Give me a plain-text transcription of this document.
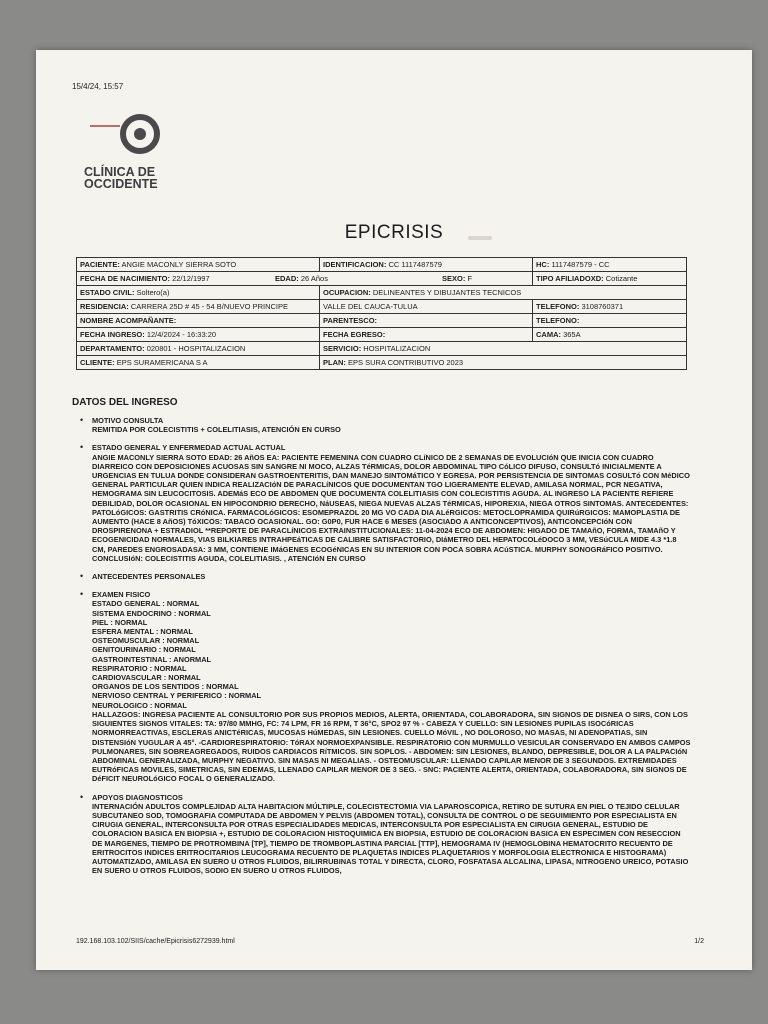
15/4/24, 15:57
CLÍNICA DE
OCCIDENTE
EPICRISIS
PACIENTE: ANGIE MACONLY SIERRA SOTO	IDENTIFICACION: CC 1117487579	HC: 1117487579 - CC
FECHA DE NACIMIENTO: 22/12/1997 EDAD: 26 Años SEXO: F		TIPO AFILIADOXD: Cotizante
ESTADO CIVIL: Soltero(a)	OCUPACION: DELINEANTES Y DIBUJANTES TECNICOS	
RESIDENCIA: CARRERA 25D # 45 - 54 B/NUEVO PRINCIPE	VALLE DEL CAUCA-TULUA	TELEFONO: 3108760371
NOMBRE ACOMPAÑANTE:	PARENTESCO:	TELEFONO:
FECHA INGRESO: 12/4/2024 - 16:33:20	FECHA EGRESO:	CAMA: 365A
DEPARTAMENTO: 020801 - HOSPITALIZACION	SERVICIO: HOSPITALIZACION	
CLIENTE: EPS SURAMERICANA S A	PLAN: EPS SURA CONTRIBUTIVO 2023	
DATOS DEL INGRESO
• MOTIVO CONSULTA
REMITIDA POR COLECISTITIS + COLELITIASIS, ATENCIÓN EN CURSO
• ESTADO GENERAL Y ENFERMEDAD ACTUAL ACTUAL
ANGIE MACONLY SIERRA SOTO EDAD: 26 AñOS EA: PACIENTE FEMENINA CON CUADRO CLíNICO DE 2 SEMANAS DE EVOLUCIóN QUE INICIA CON CUADRO DIARREICO CON DEPOSICIONES ACUOSAS SIN SANGRE NI MOCO, ALZAS TéRMICAS, DOLOR ABDOMINAL TIPO CóLICO DIFUSO, CONSULTó INICIALMENTE A URGENCIAS EN TULUA DONDE CONSIDERAN GASTROENTERITIS, DAN MANEJO SINTOMáTICO Y EGRESA. POR PERSISTENCIA DE SINTOMAS COSULTó CON MéDICO GENERAL PARTICULAR QUIEN INDICA REALIZACIóN DE PARACLíNICOS QUE DOCUMENTAN TGO LIGERAMENTE ELEVAD, AMILASA NORMAL, PCR NEGATIVA, HEMOGRAMA SIN LEUCOCITOSIS. ADEMáS ECO DE ABDOMEN QUE DOCUMENTA COLELITIASIS CON COLECISTITIS AGUDA. AL INGRESO LA PACIENTE REFIERE DEBILIDAD, DOLOR OCASIONAL EN HIPOCONDRIO DERECHO, NáUSEAS, NIEGA NUEVAS ALZAS TéRMICAS, HIPOREXIA, NIEGA OTROS SINTOMAS. ANTECEDENTES: PATOLóGICOS: GASTRITIS CRóNICA. FARMACOLóGICOS: ESOMEPRAZOL 20 MG VO CADA DIA ALéRGICOS: METOCLOPRAMIDA QUIRúRGICOS: MAMOPLASTIA DE AUMENTO (HACE 8 AñOS) TóXICOS: TABACO OCASIONAL. GO: G0P0, FUR HACE 6 MESES (ASOCIADO A ANTICONCEPTIVOS), ANTICONCEPCIóN CON DROSPIRENONA + ESTRADIOL **REPORTE DE PARACLíNICOS EXTRAINSTITUCIONALES: 11-04-2024 ECO DE ABDOMEN: HIGADO DE TAMAñO, FORMA, TAMAñO Y ECOGENICIDAD NORMALES, VIAS BILKIARES INTRAHPEáTICAS DE CALIBRE SATISFACTORIO, DIáMETRO DEL HEPATOCOLéDOCO 3 MM, VESúCULA MIDE 4.3 *1.8 CM, PAREDES ENGROSADASA: 3 MM, CONTIENE IMáGENES ECOGéNICAS EN SU INTERIOR CON POCA SOBRA ACúSTICA. MURPHY SONOGRáFICO POSITIVO. CONCLUSIóN: COLECISTITIS AGUDA, COLELITIASIS. , ATENCIóN EN CURSO
• ANTECEDENTES PERSONALES
• EXAMEN FISICO
ESTADO GENERAL : NORMAL
SISTEMA ENDOCRINO : NORMAL
PIEL : NORMAL
ESFERA MENTAL : NORMAL
OSTEOMUSCULAR : NORMAL
GENITOURINARIO : NORMAL
GASTROINTESTINAL : ANORMAL
RESPIRATORIO : NORMAL
CARDIOVASCULAR : NORMAL
ORGANOS DE LOS SENTIDOS : NORMAL
NERVIOSO CENTRAL Y PERIFERICO : NORMAL
NEUROLOGICO : NORMAL
HALLAZGOS: INGRESA PACIENTE AL CONSULTORIO POR SUS PROPIOS MEDIOS, ALERTA, ORIENTADA, COLABORADORA, SIN SIGNOS DE DISNEA O SIRS, CON LOS SIGUIENTES SIGNOS VITALES: TA: 97/80 MMHG, FC: 74 LPM, FR 16 RPM, T 36°C, SPO2 97 % - CABEZA Y CUELLO: SIN LESIONES PUPILAS ISOCóRICAS NORMORREACTIVAS, ESCLERAS ANICTéRICAS, MUCOSAS HúMEDAS, SIN LESIONES. CUELLO MóVIL , NO DOLOROSO, NO MASAS, NI ADENOPATIAS, SIN DISTENSIóN YUGULAR A 45°. -CARDIORESPIRATORIO: TóRAX NORMOEXPANSIBLE. RESPIRATORIO CON MURMULLO VESICULAR CONSERVADO EN AMBOS CAMPOS PULMONARES, SIN SOBREAGREGADOS, RUIDOS CARDIACOS RíTMICOS. SIN SOPLOS. - ABDOMEN: SIN LESIONES, BLANDO, DEPRESIBLE, DOLOR A LA PALPACIóN ABDOMINAL GENERALIZADA, MURPHY NEGATIVO. SIN MASAS NI MEGALIAS. - OSTEOMUSCULAR: LLENADO CAPILAR MENOR DE 3 SEGUNDOS. EXTREMIDADES EUTRóFICAS MOVILES, SIMETRICAS, SIN EDEMAS, LLENADO CAPILAR MENOR DE 3 SEG. - SNC: PACIENTE ALERTA, ORIENTADA, COLABORADORA, SIN SIGNOS DE DéFICIT NEUROLóGICO FOCAL O GENERALIZADO.
• APOYOS DIAGNOSTICOS
INTERNACIÓN ADULTOS COMPLEJIDAD ALTA HABITACION MÚLTIPLE, COLECISTECTOMIA VIA LAPAROSCOPICA, RETIRO DE SUTURA EN PIEL O TEJIDO CELULAR SUBCUTANEO SOD, TOMOGRAFIA COMPUTADA DE ABDOMEN Y PELVIS (ABDOMEN TOTAL), CONSULTA DE CONTROL O DE SEGUIMIENTO POR ESPECIALISTA EN CIRUGIA GENERAL, INTERCONSULTA POR OTRAS ESPECIALIDADES MEDICAS, INTERCONSULTA POR ESPECIALISTA EN CIRUGIA GENERAL, ESTUDIO DE COLORACION BASICA EN BIOPSIA +, ESTUDIO DE COLORACION HISTOQUIMICA EN BIOPSIA, ESTUDIO DE COLORACION BASICA EN ESPECIMEN CON RESECCION DE MARGENES, TIEMPO DE PROTROMBINA [TP], TIEMPO DE TROMBOPLASTINA PARCIAL [TTP], HEMOGRAMA IV (HEMOGLOBINA HEMATOCRITO RECUENTO DE ERITROCITOS INDICES ERITROCITARIOS LEUCOGRAMA RECUENTO DE PLAQUETAS INDICES PLAQUETARIOS Y MORFOLOGIA ELECTRONICA E HISTOGRAMA) AUTOMATIZADO, AMILASA EN SUERO U OTROS FLUIDOS, BILIRRUBINAS TOTAL Y DIRECTA, CLORO, FOSFATASA ALCALINA, LIPASA, NITROGENO UREICO, POTASIO EN SUERO U OTROS FLUIDOS, SODIO EN SUERO U OTROS FLUIDOS,
192.168.103.102/SIIS/cache/Epicrisis6272939.html	1/2
